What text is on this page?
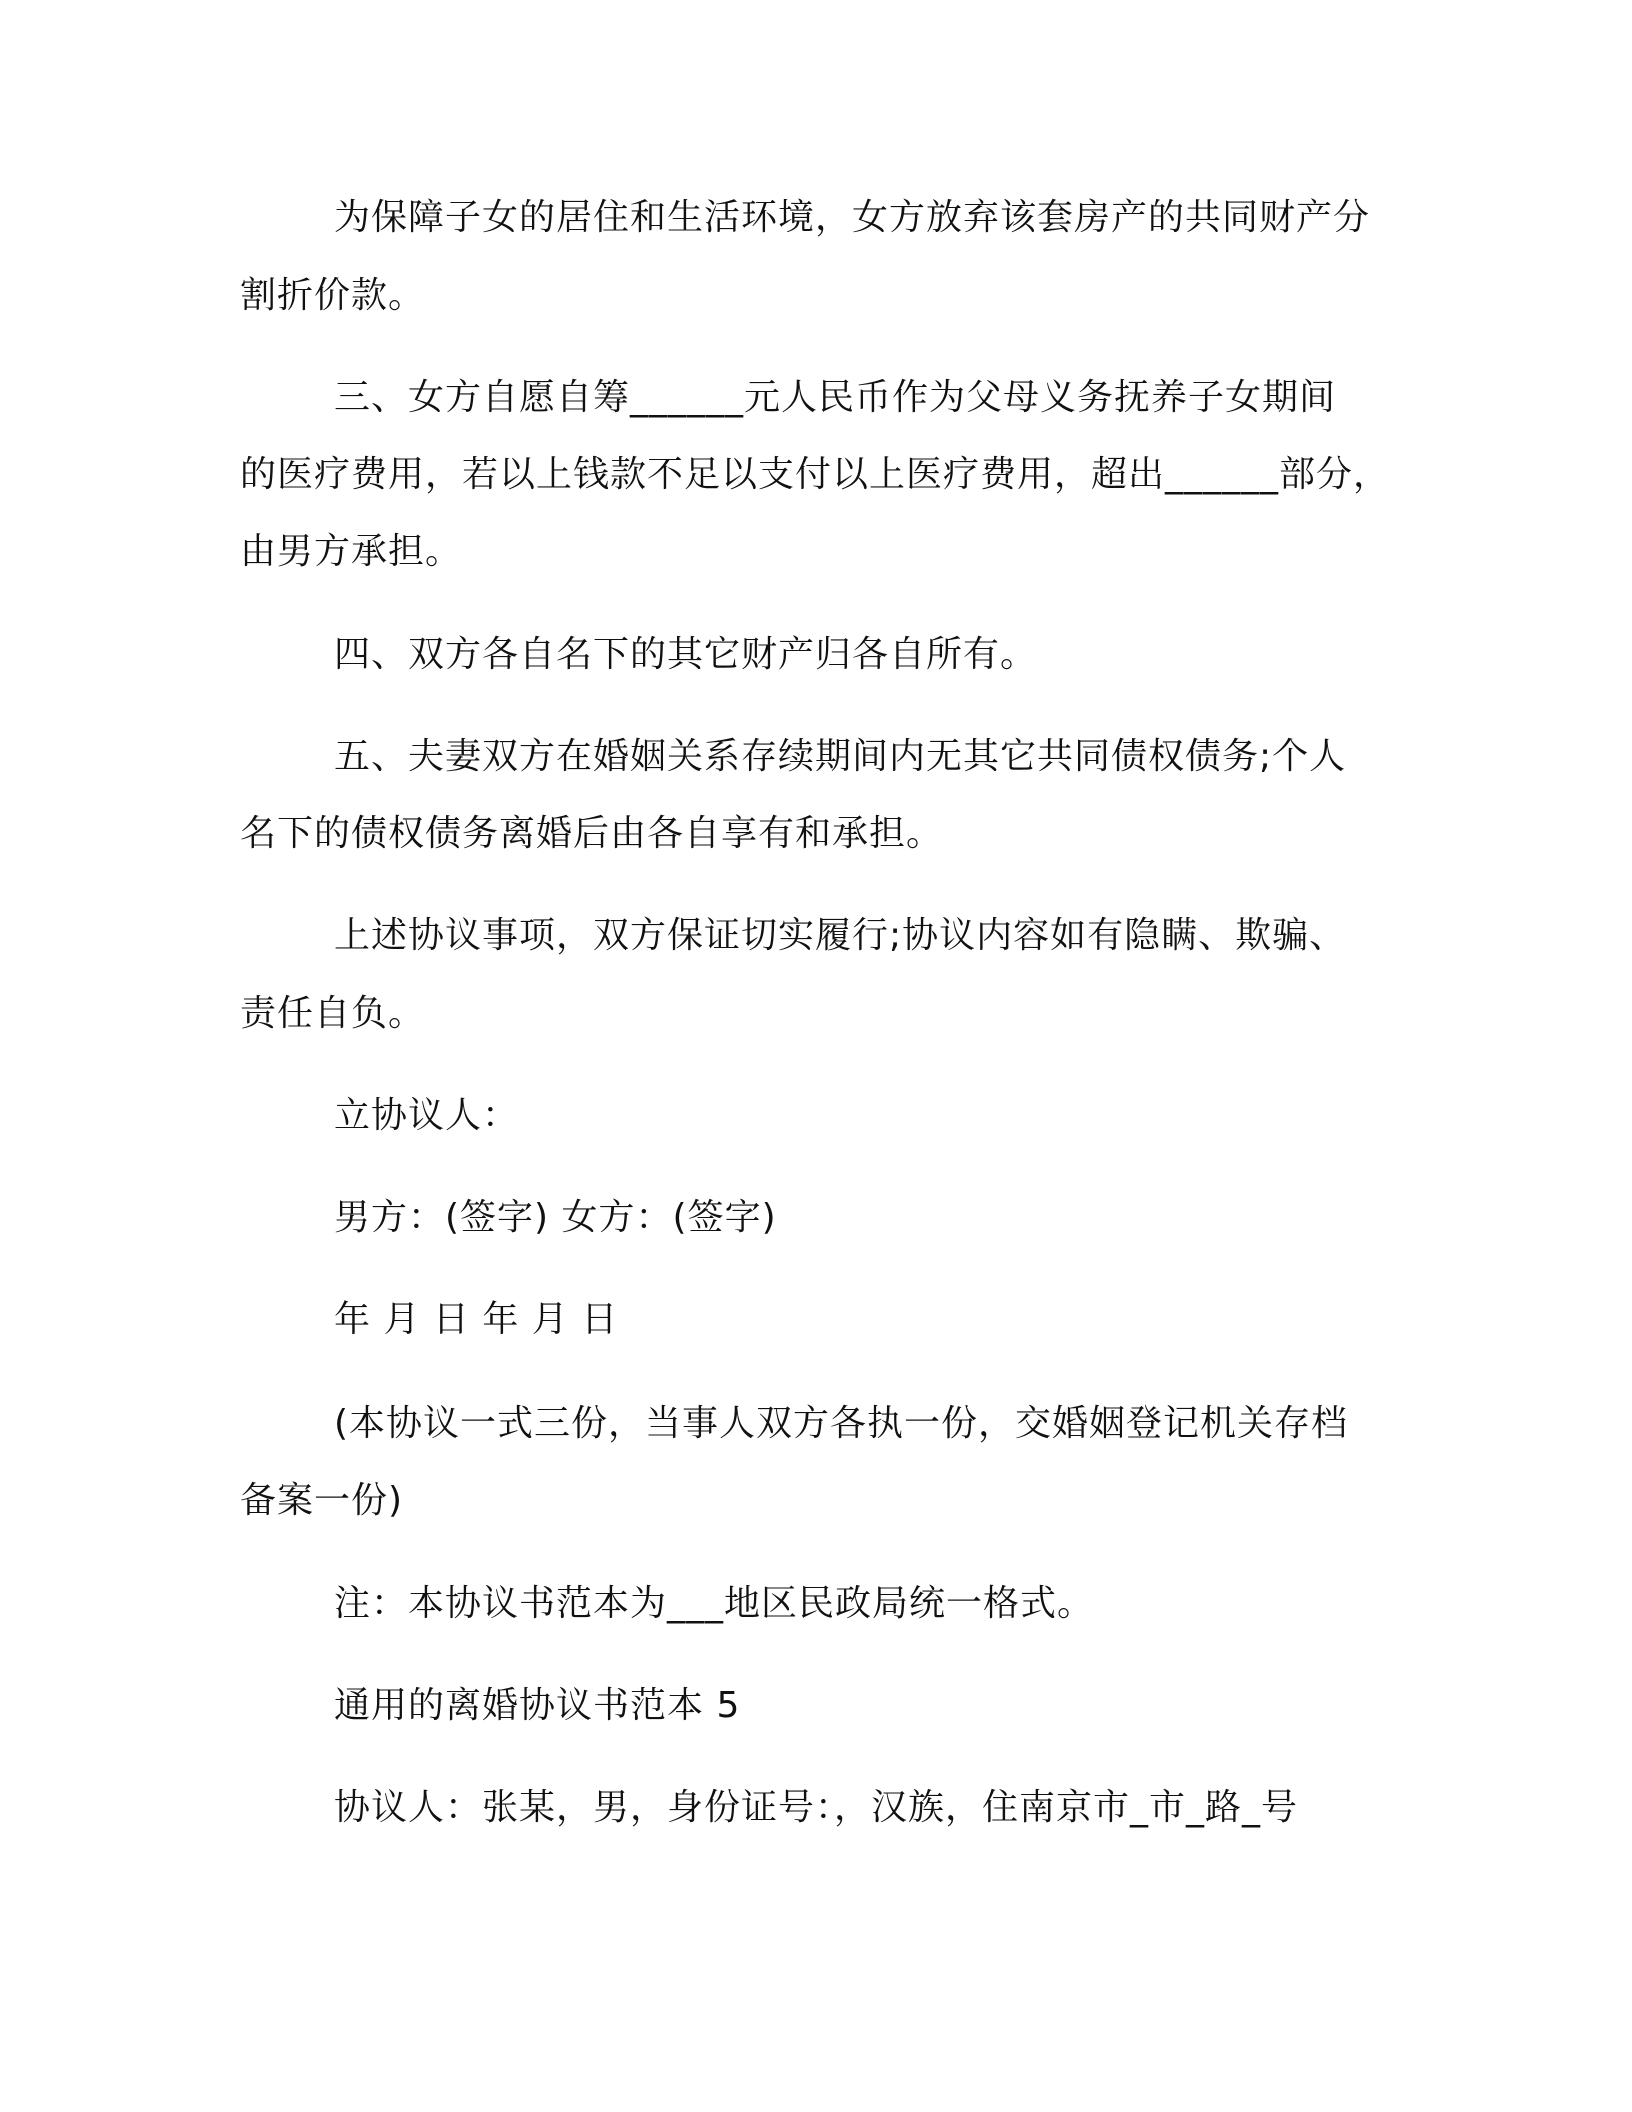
为保障子女的居住和生活环境，女方放弃该套房产的共同财产分
割折价款。
三、女方自愿自筹______元人民币作为父母义务抚养子女期间
的医疗费用，若以上钱款不足以支付以上医疗费用，超出______部分，
由男方承担。
四、双方各自名下的其它财产归各自所有。
五、夫妻双方在婚姻关系存续期间内无其它共同债权债务;个人
名下的债权债务离婚后由各自享有和承担。
上述协议事项，双方保证切实履行;协议内容如有隐瞒、欺骗、
责任自负。
立协议人：
男方：(签字) 女方：(签字)
年 月 日 年 月 日
(本协议一式三份，当事人双方各执一份，交婚姻登记机关存档
备案一份)
注：本协议书范本为___地区民政局统一格式。
通用的离婚协议书范本 5
协议人：张某，男，身份证号：，汉族，住南京市_市_路_号
